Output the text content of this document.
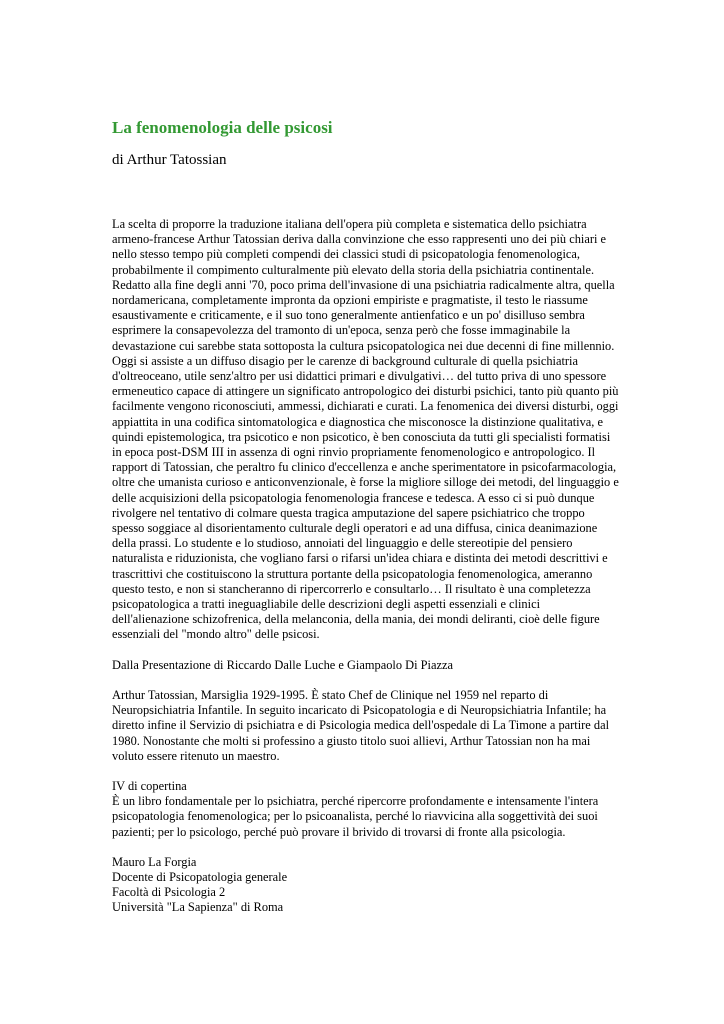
La fenomenologia delle psicosi

di Arthur Tatossian

La scelta di proporre la traduzione italiana dell'opera più completa e sistematica dello psichiatra
armeno-francese Arthur Tatossian deriva dalla convinzione che esso rappresenti uno dei più chiari e
nello stesso tempo più completi compendi dei classici studi di psicopatologia fenomenologica,
probabilmente il compimento culturalmente più elevato della storia della psichiatria continentale.
Redatto alla fine degli anni '70, poco prima dell'invasione di una psichiatria radicalmente altra, quella
nordamericana, completamente impronta da opzioni empiriste e pragmatiste, il testo le riassume
esaustivamente e criticamente, e il suo tono generalmente antienfatico e un po' disilluso sembra
esprimere la consapevolezza del tramonto di un'epoca, senza però che fosse immaginabile la
devastazione cui sarebbe stata sottoposta la cultura psicopatologica nei due decenni di fine millennio.
Oggi si assiste a un diffuso disagio per le carenze di background culturale di quella psichiatria
d'oltreoceano, utile senz'altro per usi didattici primari e divulgativi… del tutto priva di uno spessore
ermeneutico capace di attingere un significato antropologico dei disturbi psichici, tanto più quanto più
facilmente vengono riconosciuti, ammessi, dichiarati e curati. La fenomenica dei diversi disturbi, oggi
appiattita in una codifica sintomatologica e diagnostica che misconosce la distinzione qualitativa, e
quindi epistemologica, tra psicotico e non psicotico, è ben conosciuta da tutti gli specialisti formatisi
in epoca post-DSM III in assenza di ogni rinvio propriamente fenomenologico e antropologico. Il
rapport di Tatossian, che peraltro fu clinico d'eccellenza e anche sperimentatore in psicofarmacologia,
oltre che umanista curioso e anticonvenzionale, è forse la migliore silloge dei metodi, del linguaggio e
delle acquisizioni della psicopatologia fenomenologia francese e tedesca. A esso ci si può dunque
rivolgere nel tentativo di colmare questa tragica amputazione del sapere psichiatrico che troppo
spesso soggiace al disorientamento culturale degli operatori e ad una diffusa, cinica deanimazione
della prassi. Lo studente e lo studioso, annoiati del linguaggio e delle stereotipie del pensiero
naturalista e riduzionista, che vogliano farsi o rifarsi un'idea chiara e distinta dei metodi descrittivi e
trascrittivi che costituiscono la struttura portante della psicopatologia fenomenologica, ameranno
questo testo, e non si stancheranno di ripercorrerlo e consultarlo… Il risultato è una completezza
psicopatologica a tratti ineguagliabile delle descrizioni degli aspetti essenziali e clinici
dell'alienazione schizofrenica, della melanconia, della mania, dei mondi deliranti, cioè delle figure
essenziali del "mondo altro" delle psicosi.

Dalla Presentazione di Riccardo Dalle Luche e Giampaolo Di Piazza

Arthur Tatossian, Marsiglia 1929-1995. È stato Chef de Clinique nel 1959 nel reparto di
Neuropsichiatria Infantile. In seguito incaricato di Psicopatologia e di Neuropsichiatria Infantile; ha
diretto infine il Servizio di psichiatra e di Psicologia medica dell'ospedale di La Timone a partire dal
1980. Nonostante che molti si professino a giusto titolo suoi allievi, Arthur Tatossian non ha mai
voluto essere ritenuto un maestro.
IV di copertina
È un libro fondamentale per lo psichiatra, perché ripercorre profondamente e intensamente l'intera
psicopatologia fenomenologica; per lo psicoanalista, perché lo riavvicina alla soggettività dei suoi
pazienti; per lo psicologo, perché può provare il brivido di trovarsi di fronte alla psicologia.
Mauro La Forgia
Docente di Psicopatologia generale
Facoltà di Psicologia 2
Università "La Sapienza" di Roma
